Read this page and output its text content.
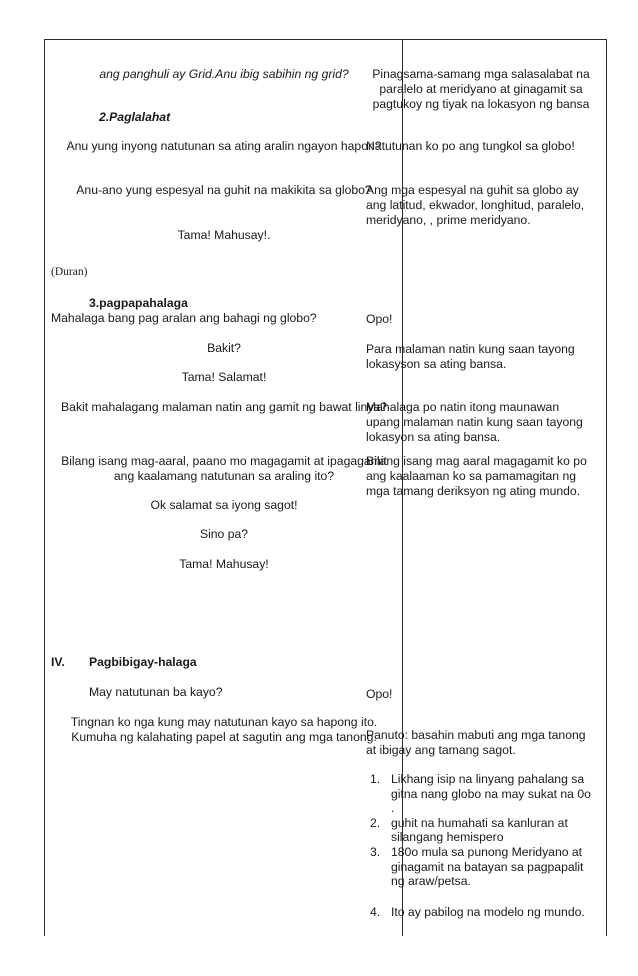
ang panghuli ay Grid.Anu ibig sabihin ng grid?
2.Paglalahat
Anu yung inyong natutunan sa ating aralin ngayon hapon?
Anu-ano yung espesyal na guhit na makikita sa globo?
Tama! Mahusay!.
(Duran)
3.pagpapahalaga
Mahalaga bang pag aralan ang bahagi ng globo?
Bakit?
Tama! Salamat!
Bakit mahalagang malaman natin ang gamit ng bawat linya?
Bilang isang mag-aaral, paano mo magagamit at ipagagamit ang kaalamang natutunan sa araling ito?
Ok salamat sa iyong sagot!
Sino pa?
Tama! Mahusay!
IV. Pagbibigay-halaga
May natutunan ba kayo?
Tingnan ko nga kung may natutunan kayo sa hapong ito. Kumuha ng kalahating papel at sagutin ang mga tanong.
Pinagsama-samang mga salasalabat na paralelo at meridyano at ginagamit sa pagtukoy ng tiyak na lokasyon ng bansa
Natutunan ko po ang tungkol sa globo!
Ang mga espesyal na guhit sa globo ay ang latitud, ekwador, longhitud, paralelo, meridyano, , prime meridyano.
Opo!
Para malaman natin kung saan tayong lokasyson sa ating bansa.
Mahalaga po natin itong maunawan upang malaman natin kung saan tayong lokasyon sa ating bansa.
Bilang isang mag aaral magagamit ko po ang kaalaaman ko sa pamamagitan ng mga tamang deriksyon ng ating mundo.
Opo!
Panuto: basahin mabuti ang mga tanong at ibigay ang tamang sagot.
1. Likhang isip na linyang pahalang sa gitna nang globo na may sukat na 0o .
2. guhit na humahati sa kanluran at silangang hemispero
3. 180o mula sa punong Meridyano at ginagamit na batayan sa pagpapalit ng araw/petsa.
4. Ito ay pabilog na modelo ng mundo.
